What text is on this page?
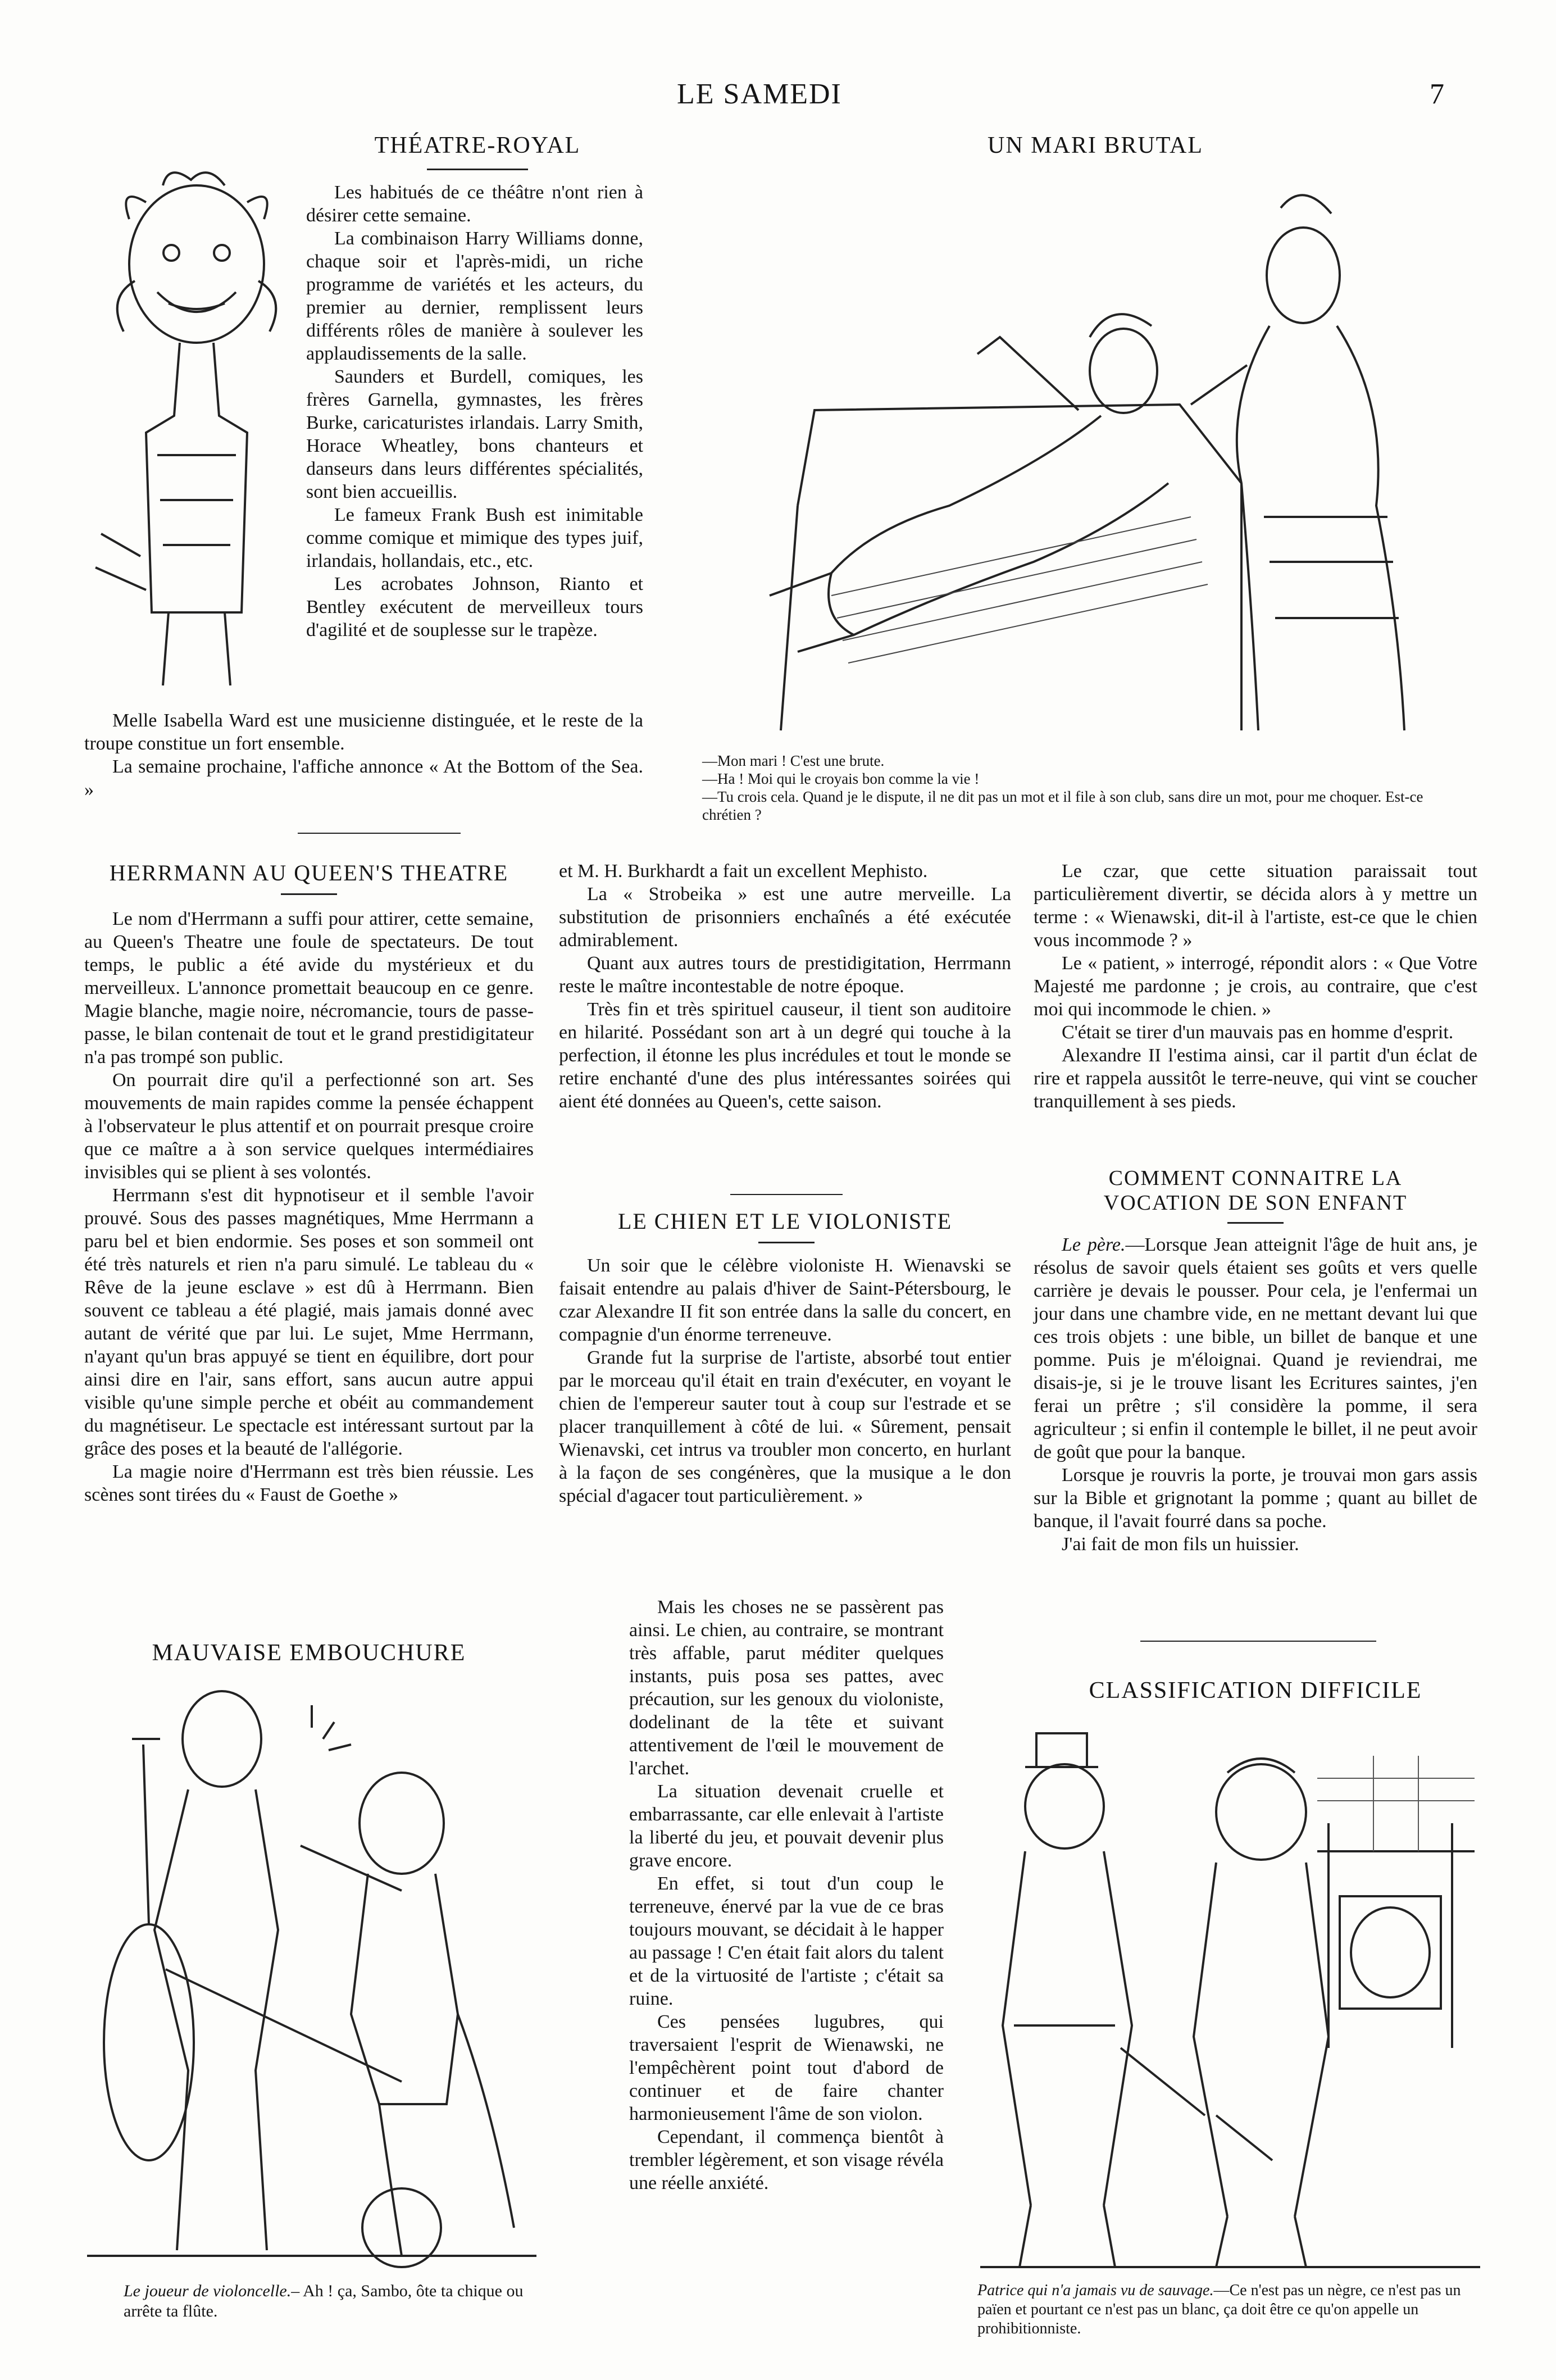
LE SAMEDI	7
THÉATRE-ROYAL

Les habitués de ce théâtre n'ont rien à désirer cette semaine.

La combinaison Harry Williams donne, chaque soir et l'après-midi, un riche programme de variétés et les acteurs, du premier au dernier, remplissent leurs différents rôles de manière à soulever les applaudissements de la salle.

Saunders et Burdell, comiques, les frères Garnella, gymnastes, les frères Burke, caricaturistes irlandais. Larry Smith, Horace Wheatley, bons chanteurs et danseurs dans leurs différentes spécialités, sont bien accueillis.

Le fameux Frank Bush est inimitable comme comique et mimique des types juif, irlandais, hollandais, etc., etc.

Les acrobates Johnson, Rianto et Bentley exécutent de merveilleux tours d'agilité et de souplesse sur le trapèze.

Melle Isabella Ward est une musicienne distinguée, et le reste de la troupe constitue un fort ensemble.

La semaine prochaine, l'affiche annonce « At the Bottom of the Sea. »

UN MARI BRUTAL
—Mon mari ! C'est une brute.
—Ha ! Moi qui le croyais bon comme la vie !
—Tu crois cela. Quand je le dispute, il ne dit pas un mot et il file à son club, sans dire un mot, pour me choquer. Est-ce chrétien ?
HERRMANN AU QUEEN'S THEATRE

Le nom d'Herrmann a suffi pour attirer, cette semaine, au Queen's Theatre une foule de spectateurs. De tout temps, le public a été avide du mystérieux et du merveilleux. L'annonce promettait beaucoup en ce genre. Magie blanche, magie noire, nécromancie, tours de passe-passe, le bilan contenait de tout et le grand prestidigitateur n'a pas trompé son public.

On pourrait dire qu'il a perfectionné son art. Ses mouvements de main rapides comme la pensée échappent à l'observateur le plus attentif et on pourrait presque croire que ce maître a à son service quelques intermédiaires invisibles qui se plient à ses volontés.

Herrmann s'est dit hypnotiseur et il semble l'avoir prouvé. Sous des passes magnétiques, Mme Herrmann a paru bel et bien endormie. Ses poses et son sommeil ont été très naturels et rien n'a paru simulé. Le tableau du « Rêve de la jeune esclave » est dû à Herrmann. Bien souvent ce tableau a été plagié, mais jamais donné avec autant de vérité que par lui. Le sujet, Mme Herrmann, n'ayant qu'un bras appuyé se tient en équilibre, dort pour ainsi dire en l'air, sans effort, sans aucun autre appui visible qu'une simple perche et obéit au commandement du magnétiseur. Le spectacle est intéressant surtout par la grâce des poses et la beauté de l'allégorie.

La magie noire d'Herrmann est très bien réussie. Les scènes sont tirées du « Faust de Goethe »

MAUVAISE EMBOUCHURE
Le joueur de violoncelle.– Ah ! ça, Sambo, ôte ta chique ou arrête ta flûte.

et M. H. Burkhardt a fait un excellent Mephisto.

La « Strobeika » est une autre merveille. La substitution de prisonniers enchaînés a été exécutée admirablement.

Quant aux autres tours de prestidigitation, Herrmann reste le maître incontestable de notre époque.

Très fin et très spirituel causeur, il tient son auditoire en hilarité. Possédant son art à un degré qui touche à la perfection, il étonne les plus incrédules et tout le monde se retire enchanté d'une des plus intéressantes soirées qui aient été données au Queen's, cette saison.

LE CHIEN ET LE VIOLONISTE

Un soir que le célèbre violoniste H. Wienavski se faisait entendre au palais d'hiver de Saint-Pétersbourg, le czar Alexandre II fit son entrée dans la salle du concert, en compagnie d'un énorme terreneuve.

Grande fut la surprise de l'artiste, absorbé tout entier par le morceau qu'il était en train d'exécuter, en voyant le chien de l'empereur sauter tout à coup sur l'estrade et se placer tranquillement à côté de lui. « Sûrement, pensait Wienavski, cet intrus va troubler mon concerto, en hurlant à la façon de ses congénères, que la musique a le don spécial d'agacer tout particulièrement. »

Mais les choses ne se passèrent pas ainsi. Le chien, au contraire, se montrant très affable, parut méditer quelques instants, puis posa ses pattes, avec précaution, sur les genoux du violoniste, dodelinant de la tête et suivant attentivement de l'œil le mouvement de l'archet.

La situation devenait cruelle et embarrassante, car elle enlevait à l'artiste la liberté du jeu, et pouvait devenir plus grave encore.

En effet, si tout d'un coup le terreneuve, énervé par la vue de ce bras toujours mouvant, se décidait à le happer au passage ! C'en était fait alors du talent et de la virtuosité de l'artiste ; c'était sa ruine.

Ces pensées lugubres, qui traversaient l'esprit de Wienawski, ne l'empêchèrent point tout d'abord de continuer et de faire chanter harmonieusement l'âme de son violon.

Cependant, il commença bientôt à trembler légèrement, et son visage révéla une réelle anxiété.

Le czar, que cette situation paraissait tout particulièrement divertir, se décida alors à y mettre un terme : « Wienawski, dit-il à l'artiste, est-ce que le chien vous incommode ? »

Le « patient, » interrogé, répondit alors : « Que Votre Majesté me pardonne ; je crois, au contraire, que c'est moi qui incommode le chien. »

C'était se tirer d'un mauvais pas en homme d'esprit.

Alexandre II l'estima ainsi, car il partit d'un éclat de rire et rappela aussitôt le terre-neuve, qui vint se coucher tranquillement à ses pieds.

COMMENT CONNAITRE LA VOCATION DE SON ENFANT

Le père.—Lorsque Jean atteignit l'âge de huit ans, je résolus de savoir quels étaient ses goûts et vers quelle carrière je devais le pousser. Pour cela, je l'enfermai un jour dans une chambre vide, en ne mettant devant lui que ces trois objets : une bible, un billet de banque et une pomme. Puis je m'éloignai. Quand je reviendrai, me disais-je, si je le trouve lisant les Ecritures saintes, j'en ferai un prêtre ; s'il considère la pomme, il sera agriculteur ; si enfin il contemple le billet, il ne peut avoir de goût que pour la banque.

Lorsque je rouvris la porte, je trouvai mon gars assis sur la Bible et grignotant la pomme ; quant au billet de banque, il l'avait fourré dans sa poche.

J'ai fait de mon fils un huissier.

CLASSIFICATION DIFFICILE
Patrice qui n'a jamais vu de sauvage.—Ce n'est pas un nègre, ce n'est pas un païen et pourtant ce n'est pas un blanc, ça doit être ce qu'on appelle un prohibitionniste.
